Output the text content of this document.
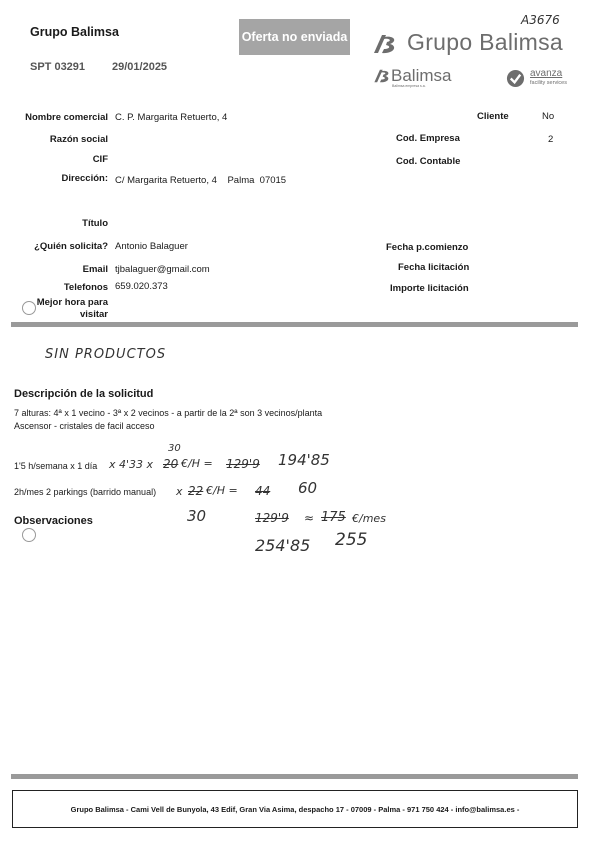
Grupo Balimsa
SPT 03291 29/01/2025
Oferta no enviada
A3676
Grupo Balimsa
Balimsa
Balimsa empresa s.a.
avanza
facility services
Nombre comercial C. P. Margarita Retuerto, 4
Razón social
CIF
Dirección: C/ Margarita Retuerto, 4    Palma  07015
Título
¿Quién solicita? Antonio Balaguer
Email tjbalaguer@gmail.com
Telefonos 659.020.373
Mejor hora para
visitar
Cliente	No
Cod. Empresa	2
Cod. Contable
Fecha p.comienzo
Fecha licitación
Importe licitación
SIN PRODUCTOS
Descripción de la solicitud
7 alturas: 4ª x 1 vecino - 3ª x 2 vecinos - a partir de la 2ª son 3 vecinos/planta
Ascensor - cristales de facil acceso
1'5 h/semana x 1 día x 4'33 x
30
20 €/H = 129'9 194'85
2h/mes 2 parkings (barrido manual) x 22 €/H = 44 60
Observaciones	30	129'9 ≈ 175 €/mes
254'85 255
Grupo Balimsa - Cami Vell de Bunyola, 43 Edif, Gran Via Asima, despacho 17 - 07009 - Palma - 971 750 424 - info@balimsa.es -
